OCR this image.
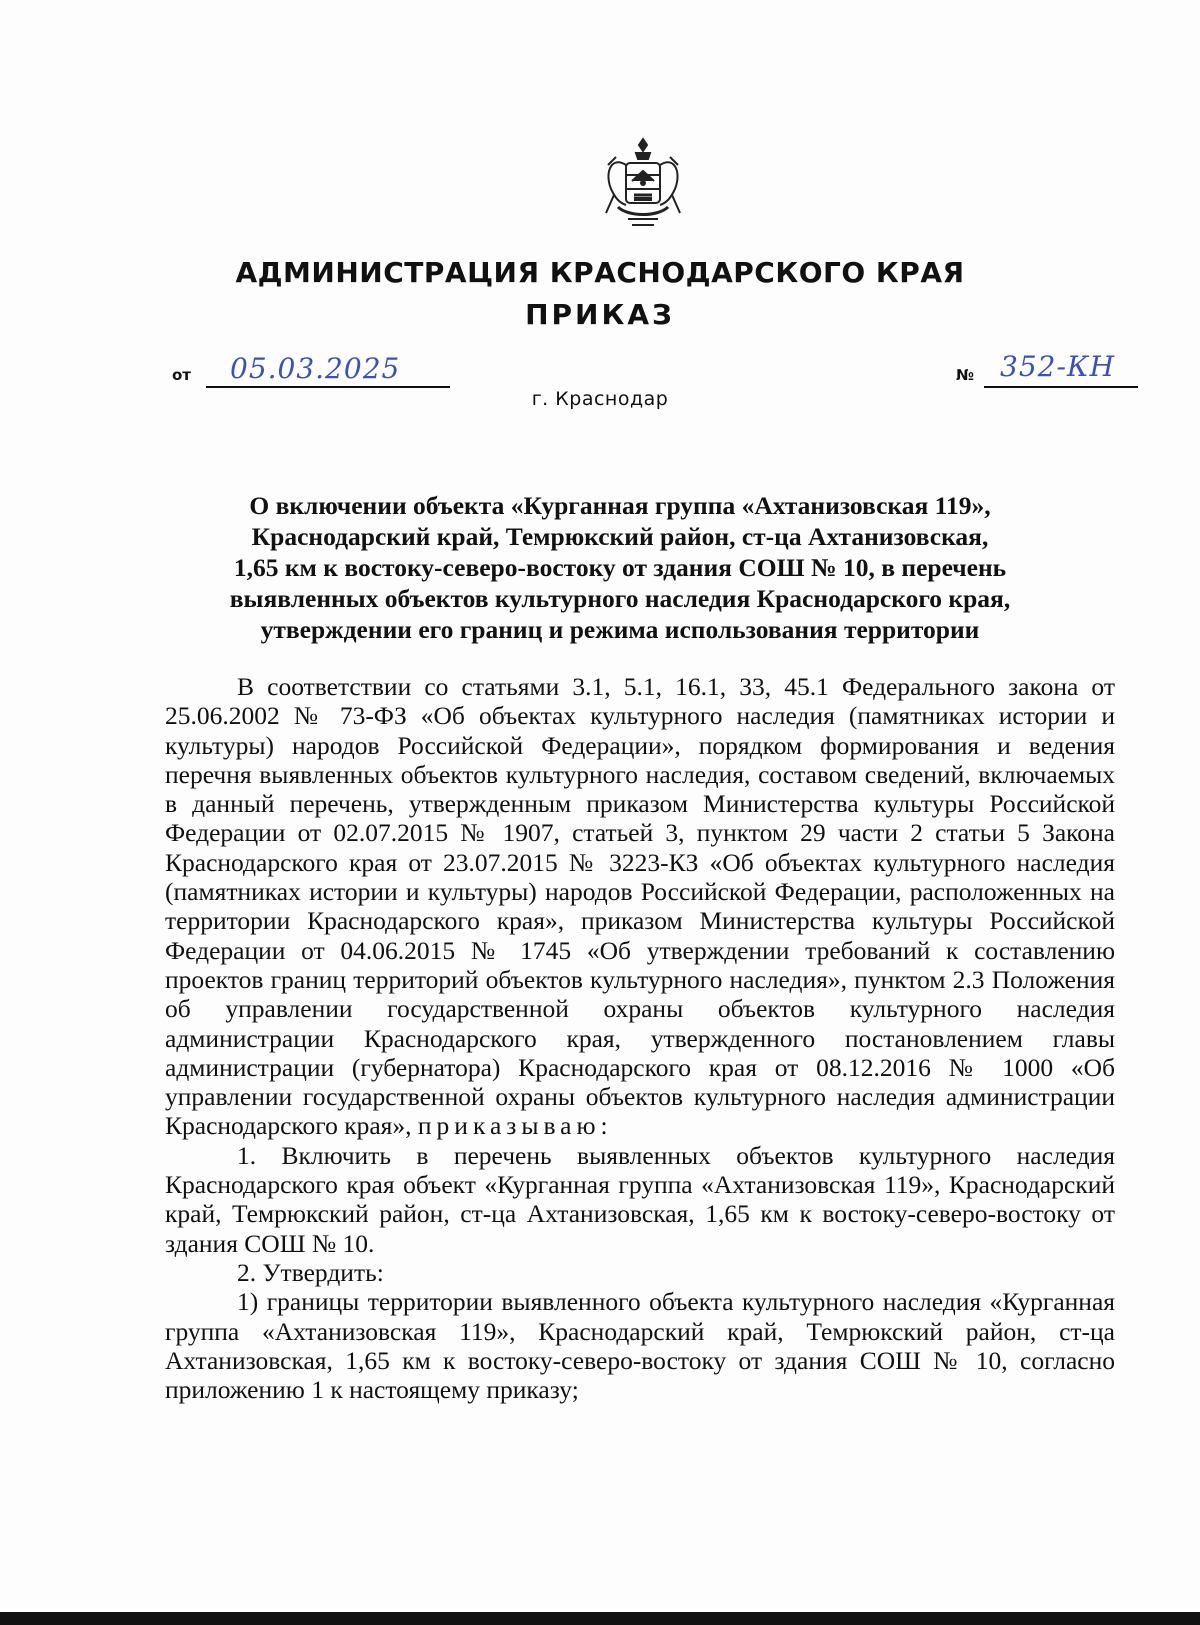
АДМИНИСТРАЦИЯ КРАСНОДАРСКОГО КРАЯ
ПРИКАЗ
от 05.03.2025	№ 352-КН
г. Краснодар
О включении объекта «Курганная группа «Ахтанизовская 119»,
Краснодарский край, Темрюкский район, ст-ца Ахтанизовская,
1,65 км к востоку-северо-востоку от здания СОШ № 10, в перечень
выявленных объектов культурного наследия Краснодарского края,
утверждении его границ и режима использования территории

В соответствии со статьями 3.1, 5.1, 16.1, 33, 45.1 Федерального закона от 25.06.2002 № 73-ФЗ «Об объектах культурного наследия (памятниках истории и культуры) народов Российской Федерации», порядком формирования и ведения перечня выявленных объектов культурного наследия, составом сведений, включаемых в данный перечень, утвержденным приказом Министерства культуры Российской Федерации от 02.07.2015 № 1907, статьей 3, пунктом 29 части 2 статьи 5 Закона Краснодарского края от 23.07.2015 № 3223-КЗ «Об объектах культурного наследия (памятниках истории и культуры) народов Российской Федерации, расположенных на территории Краснодарского края», приказом Министерства культуры Российской Федерации от 04.06.2015 № 1745 «Об утверждении требований к составлению проектов границ территорий объектов культурного наследия», пунктом 2.3 Положения об управлении государственной охраны объектов культурного наследия администрации Краснодарского края, утвержденного постановлением главы администрации (губернатора) Краснодарского края от 08.12.2016 № 1000 «Об управлении государственной охраны объектов культурного наследия администрации Краснодарского края», приказываю:

1. Включить в перечень выявленных объектов культурного наследия Краснодарского края объект «Курганная группа «Ахтанизовская 119», Краснодарский край, Темрюкский район, ст-ца Ахтанизовская, 1,65 км к востоку-северо-востоку от здания СОШ № 10.

2. Утвердить:

1) границы территории выявленного объекта культурного наследия «Курганная группа «Ахтанизовская 119», Краснодарский край, Темрюкский район, ст-ца Ахтанизовская, 1,65 км к востоку-северо-востоку от здания СОШ № 10, согласно приложению 1 к настоящему приказу;
